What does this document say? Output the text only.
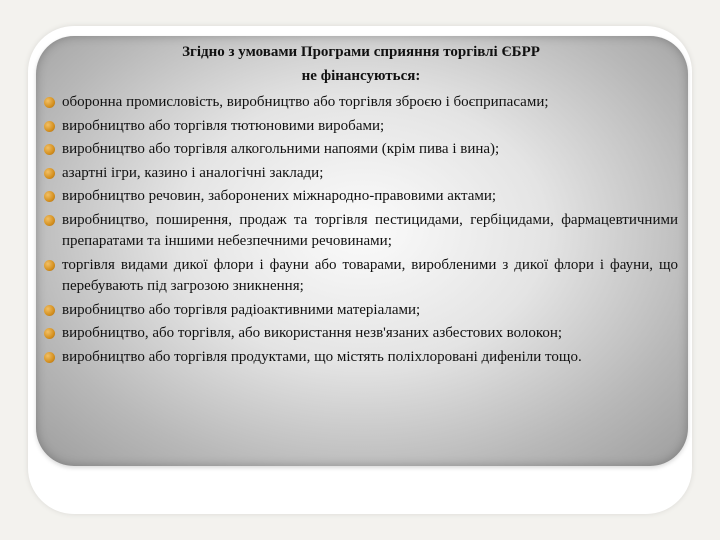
Згідно з умовами Програми сприяння торгівлі ЄБРР
не фінансуються:
оборонна промисловість, виробництво або торгівля зброєю і боєприпасами;
виробництво або торгівля тютюновими виробами;
виробництво або торгівля алкогольними напоями (крім пива і вина);
азартні ігри, казино і аналогічні заклади;
виробництво речовин, заборонених міжнародно-правовими актами;
виробництво, поширення, продаж та торгівля пестицидами, гербіцидами, фармацевтичними препаратами та іншими небезпечними речовинами;
торгівля видами дикої флори і фауни або товарами, виробленими з дикої флори і фауни, що перебувають під загрозою зникнення;
виробництво або торгівля радіоактивними матеріалами;
виробництво, або торгівля, або використання незв'язаних азбестових волокон;
виробництво або торгівля продуктами, що містять поліхлоровані дифеніли тощо.
